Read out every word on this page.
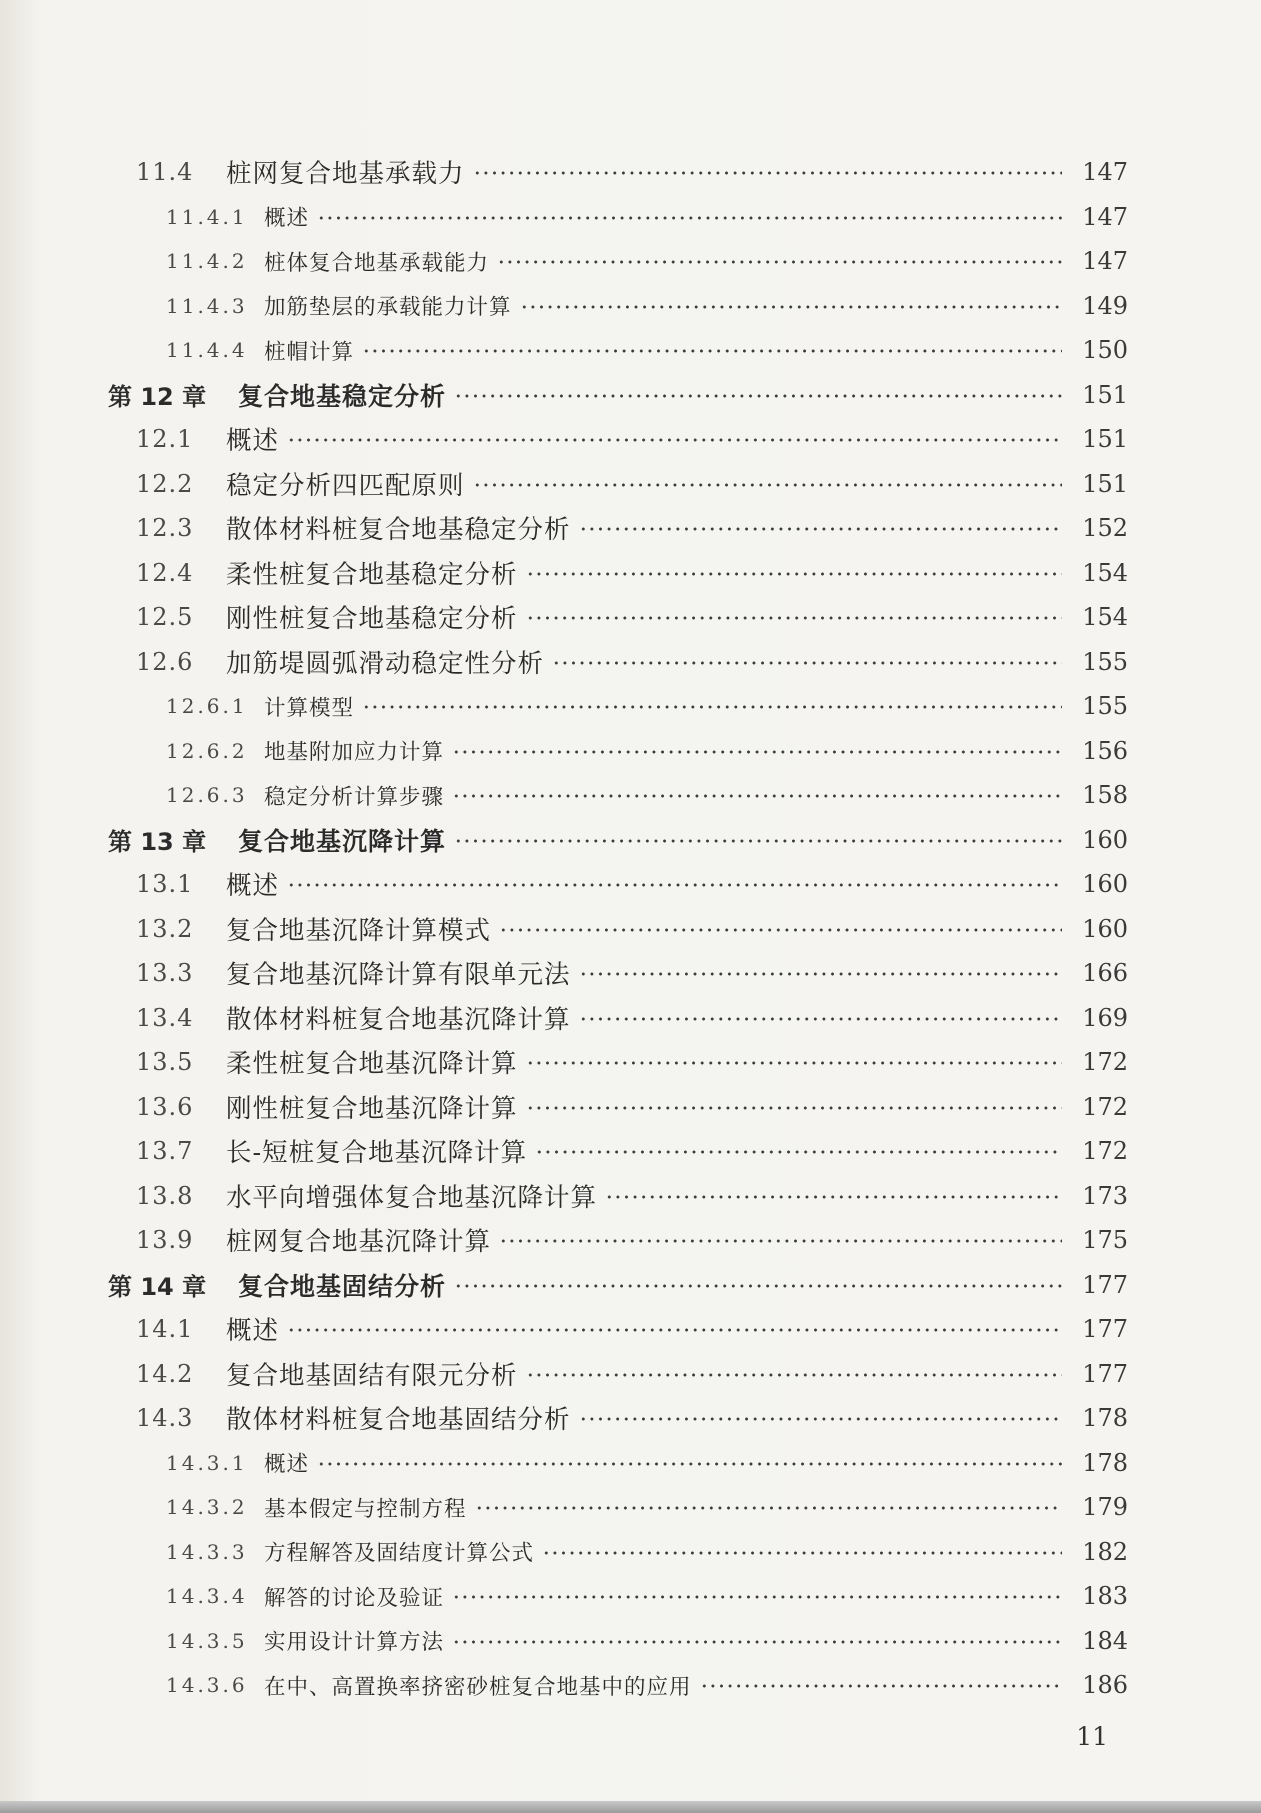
11.4	桩网复合地基承载力	147
11.4.1 概述	147
11.4.2 桩体复合地基承载能力	147
11.4.3 加筋垫层的承载能力计算	149
11.4.4 桩帽计算	150
第 12 章	复合地基稳定分析	151
12.1	概述	151
12.2	稳定分析四匹配原则	151
12.3	散体材料桩复合地基稳定分析	152
12.4	柔性桩复合地基稳定分析	154
12.5	刚性桩复合地基稳定分析	154
12.6	加筋堤圆弧滑动稳定性分析	155
12.6.1 计算模型	155
12.6.2 地基附加应力计算	156
12.6.3 稳定分析计算步骤	158
第 13 章	复合地基沉降计算	160
13.1	概述	160
13.2	复合地基沉降计算模式	160
13.3	复合地基沉降计算有限单元法	166
13.4	散体材料桩复合地基沉降计算	169
13.5	柔性桩复合地基沉降计算	172
13.6	刚性桩复合地基沉降计算	172
13.7	长-短桩复合地基沉降计算	172
13.8	水平向增强体复合地基沉降计算	173
13.9	桩网复合地基沉降计算	175
第 14 章	复合地基固结分析	177
14.1	概述	177
14.2	复合地基固结有限元分析	177
14.3	散体材料桩复合地基固结分析	178
14.3.1 概述	178
14.3.2 基本假定与控制方程	179
14.3.3 方程解答及固结度计算公式	182
14.3.4 解答的讨论及验证	183
14.3.5 实用设计计算方法	184
14.3.6 在中、高置换率挤密砂桩复合地基中的应用	186
11
